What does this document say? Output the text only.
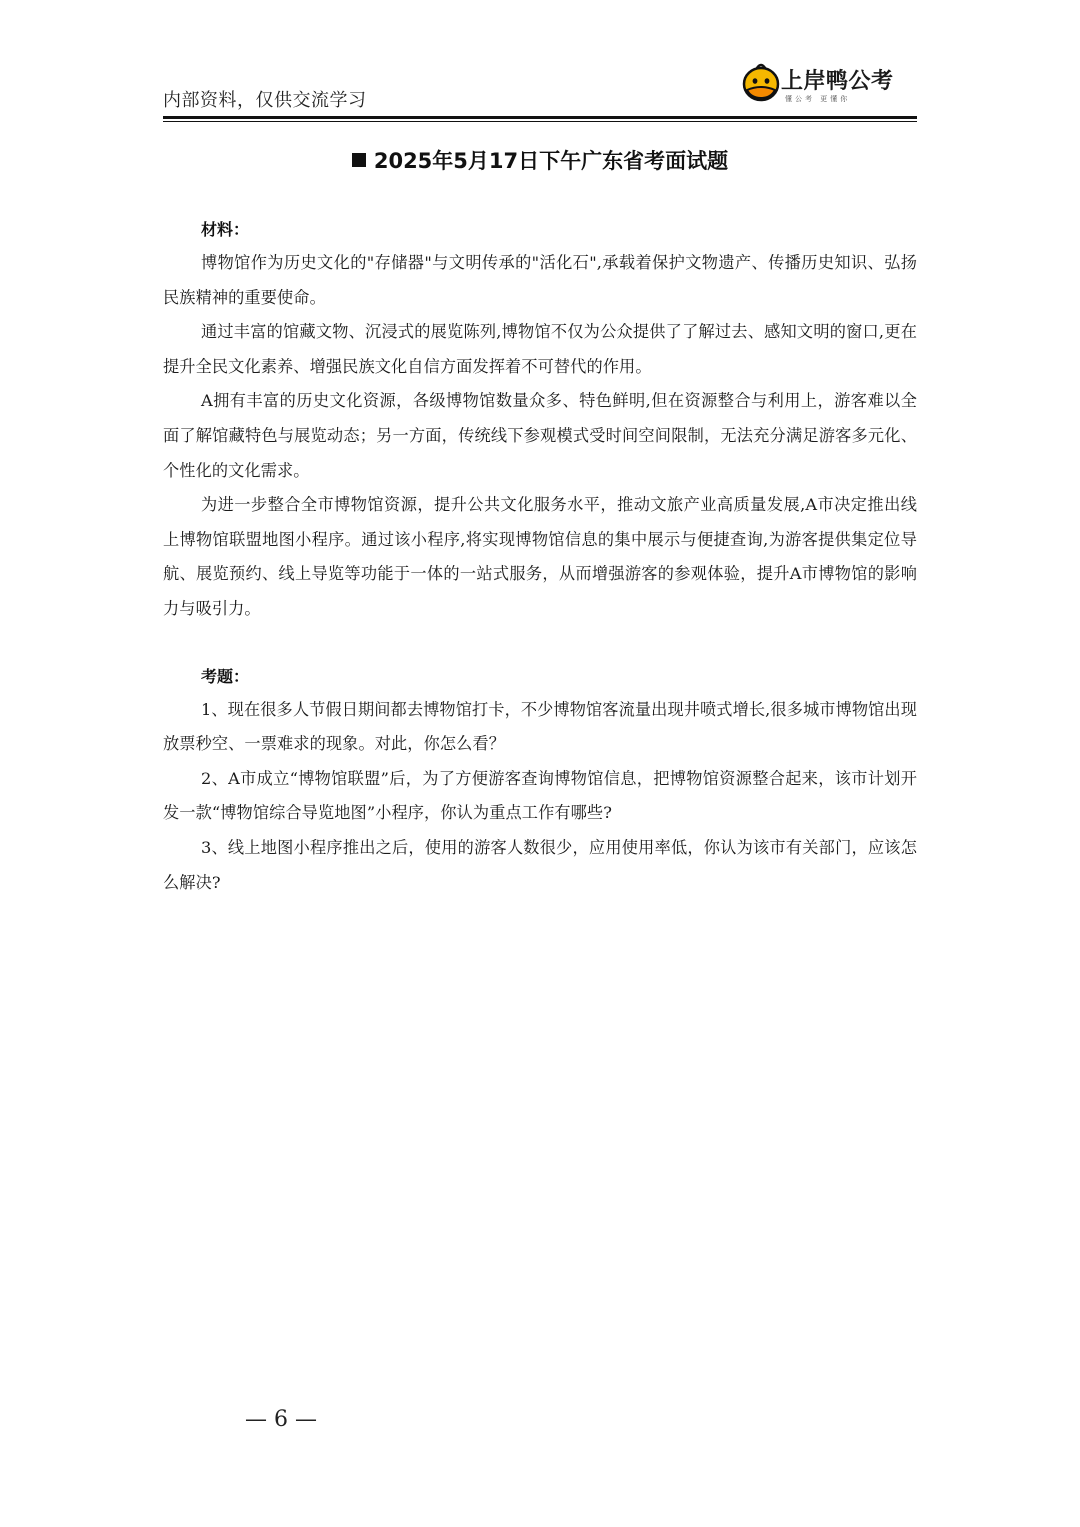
内部资料，仅供交流学习
上岸鸭公考
懂公考 更懂你
2025年5月17日下午广东省考面试题

材料：

博物馆作为历史文化的"存储器"与文明传承的"活化石",承载着保护文物遗产、传播历史知识、弘扬民族精神的重要使命。

通过丰富的馆藏文物、沉浸式的展览陈列,博物馆不仅为公众提供了了解过去、感知文明的窗口,更在提升全民文化素养、增强民族文化自信方面发挥着不可替代的作用。

A拥有丰富的历史文化资源，各级博物馆数量众多、特色鲜明,但在资源整合与利用上，游客难以全面了解馆藏特色与展览动态；另一方面，传统线下参观模式受时间空间限制，无法充分满足游客多元化、个性化的文化需求。

为进一步整合全市博物馆资源，提升公共文化服务水平，推动文旅产业高质量发展,A市决定推出线上博物馆联盟地图小程序。通过该小程序,将实现博物馆信息的集中展示与便捷查询,为游客提供集定位导航、展览预约、线上导览等功能于一体的一站式服务，从而增强游客的参观体验，提升A市博物馆的影响力与吸引力。

考题：

1、现在很多人节假日期间都去博物馆打卡，不少博物馆客流量出现井喷式增长,很多城市博物馆出现放票秒空、一票难求的现象。对此，你怎么看？

2、A市成立“博物馆联盟”后，为了方便游客查询博物馆信息，把博物馆资源整合起来，该市计划开发一款“博物馆综合导览地图”小程序，你认为重点工作有哪些?

3、线上地图小程序推出之后，使用的游客人数很少，应用使用率低，你认为该市有关部门，应该怎么解决?

— 6 —
